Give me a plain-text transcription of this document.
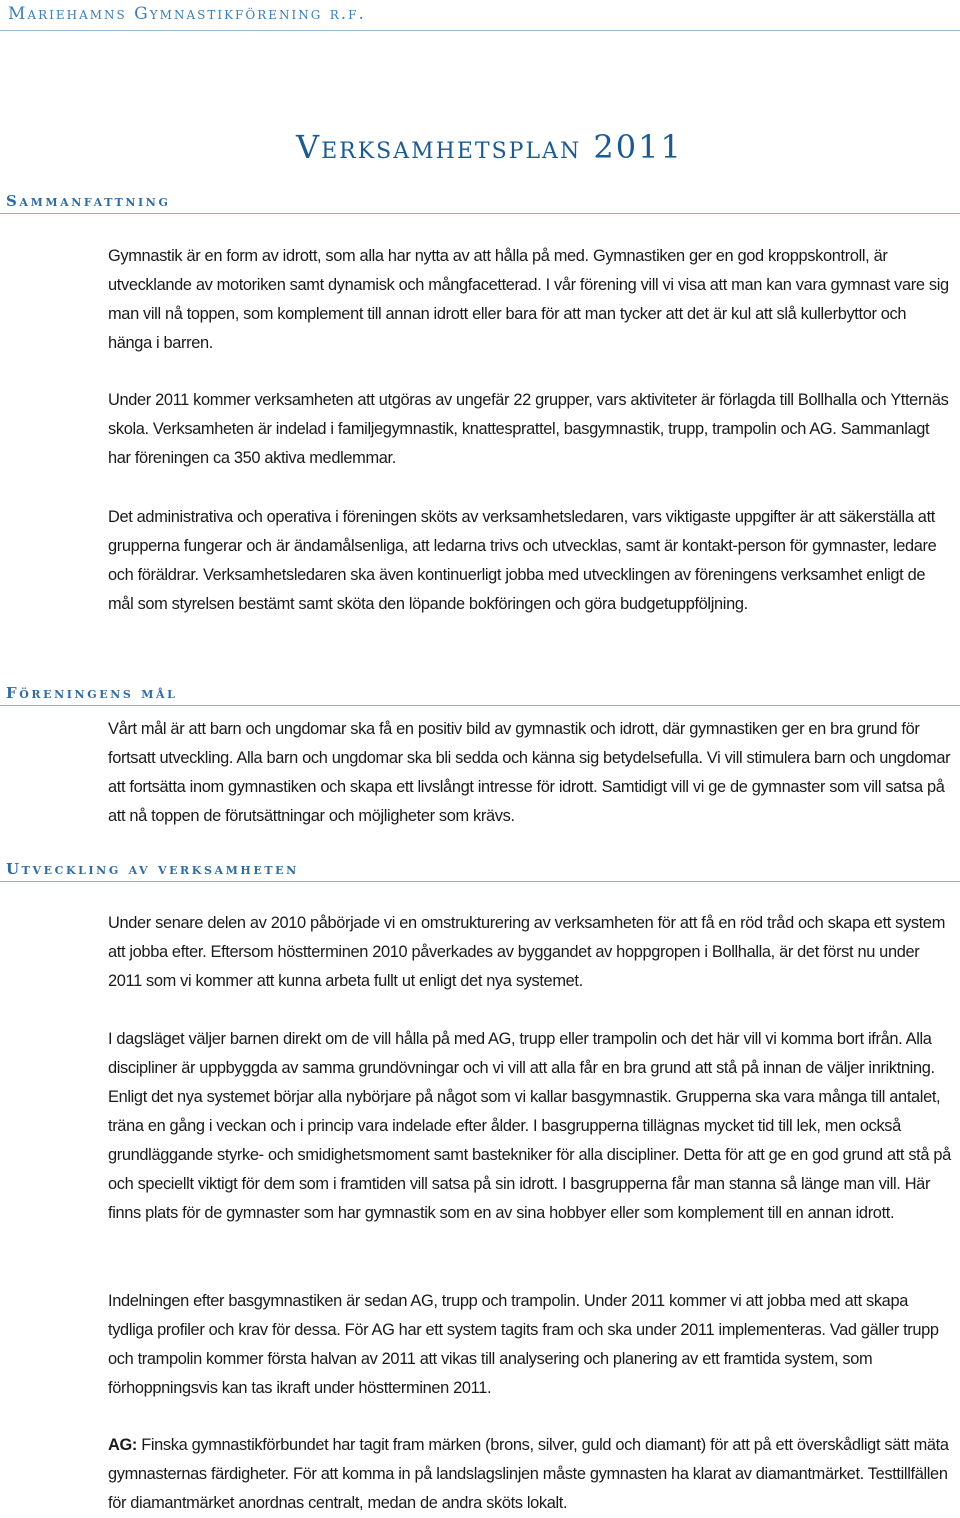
Mariehamns Gymnastikförening r.f.
Verksamhetsplan 2011
Sammanfattning

Gymnastik är en form av idrott, som alla har nytta av att hålla på med. Gymnastiken ger en god kroppskontroll, är utvecklande av motoriken samt dynamisk och mångfacetterad. I vår förening vill vi visa att man kan vara gymnast vare sig man vill nå toppen, som komplement till annan idrott eller bara för att man tycker att det är kul att slå kullerbyttor och hänga i barren.

Under 2011 kommer verksamheten att utgöras av ungefär 22 grupper, vars aktiviteter är förlagda till Bollhalla och Ytternäs skola. Verksamheten är indelad i familjegymnastik, knattesprattel, basgymnastik, trupp, trampolin och AG. Sammanlagt har föreningen ca 350 aktiva medlemmar.

Det administrativa och operativa i föreningen sköts av verksamhetsledaren, vars viktigaste uppgifter är att säkerställa att grupperna fungerar och är ändamålsenliga, att ledarna trivs och utvecklas, samt är kontakt-person för gymnaster, ledare och föräldrar. Verksamhetsledaren ska även kontinuerligt jobba med utvecklingen av föreningens verksamhet enligt de mål som styrelsen bestämt samt sköta den löpande bokföringen och göra budgetuppföljning.

Föreningens mål

Vårt mål är att barn och ungdomar ska få en positiv bild av gymnastik och idrott, där gymnastiken ger en bra grund för fortsatt utveckling. Alla barn och ungdomar ska bli sedda och känna sig betydelsefulla. Vi vill stimulera barn och ungdomar att fortsätta inom gymnastiken och skapa ett livslångt intresse för idrott. Samtidigt vill vi ge de gymnaster som vill satsa på att nå toppen de förutsättningar och möjligheter som krävs.

Utveckling av verksamheten

Under senare delen av 2010 påbörjade vi en omstrukturering av verksamheten för att få en röd tråd och skapa ett system att jobba efter. Eftersom höstterminen 2010 påverkades av byggandet av hoppgropen i Bollhalla, är det först nu under 2011 som vi kommer att kunna arbeta fullt ut enligt det nya systemet.

I dagsläget väljer barnen direkt om de vill hålla på med AG, trupp eller trampolin och det här vill vi komma bort ifrån. Alla discipliner är uppbyggda av samma grundövningar och vi vill att alla får en bra grund att stå på innan de väljer inriktning. Enligt det nya systemet börjar alla nybörjare på något som vi kallar basgymnastik. Grupperna ska vara många till antalet, träna en gång i veckan och i princip vara indelade efter ålder. I basgrupperna tillägnas mycket tid till lek, men också grundläggande styrke- och smidighetsmoment samt bastekniker för alla discipliner. Detta för att ge en god grund att stå på och speciellt viktigt för dem som i framtiden vill satsa på sin idrott. I basgrupperna får man stanna så länge man vill. Här finns plats för de gymnaster som har gymnastik som en av sina hobbyer eller som komplement till en annan idrott.

Indelningen efter basgymnastiken är sedan AG, trupp och trampolin. Under 2011 kommer vi att jobba med att skapa tydliga profiler och krav för dessa. För AG har ett system tagits fram och ska under 2011 implementeras. Vad gäller trupp och trampolin kommer första halvan av 2011 att vikas till analysering och planering av ett framtida system, som förhoppningsvis kan tas ikraft under höstterminen 2011.

AG: Finska gymnastikförbundet har tagit fram märken (brons, silver, guld och diamant) för att på ett överskådligt sätt mäta gymnasternas färdigheter. För att komma in på landslagslinjen måste gymnasten ha klarat av diamantmärket. Testtillfällen för diamantmärket anordnas centralt, medan de andra sköts lokalt.
